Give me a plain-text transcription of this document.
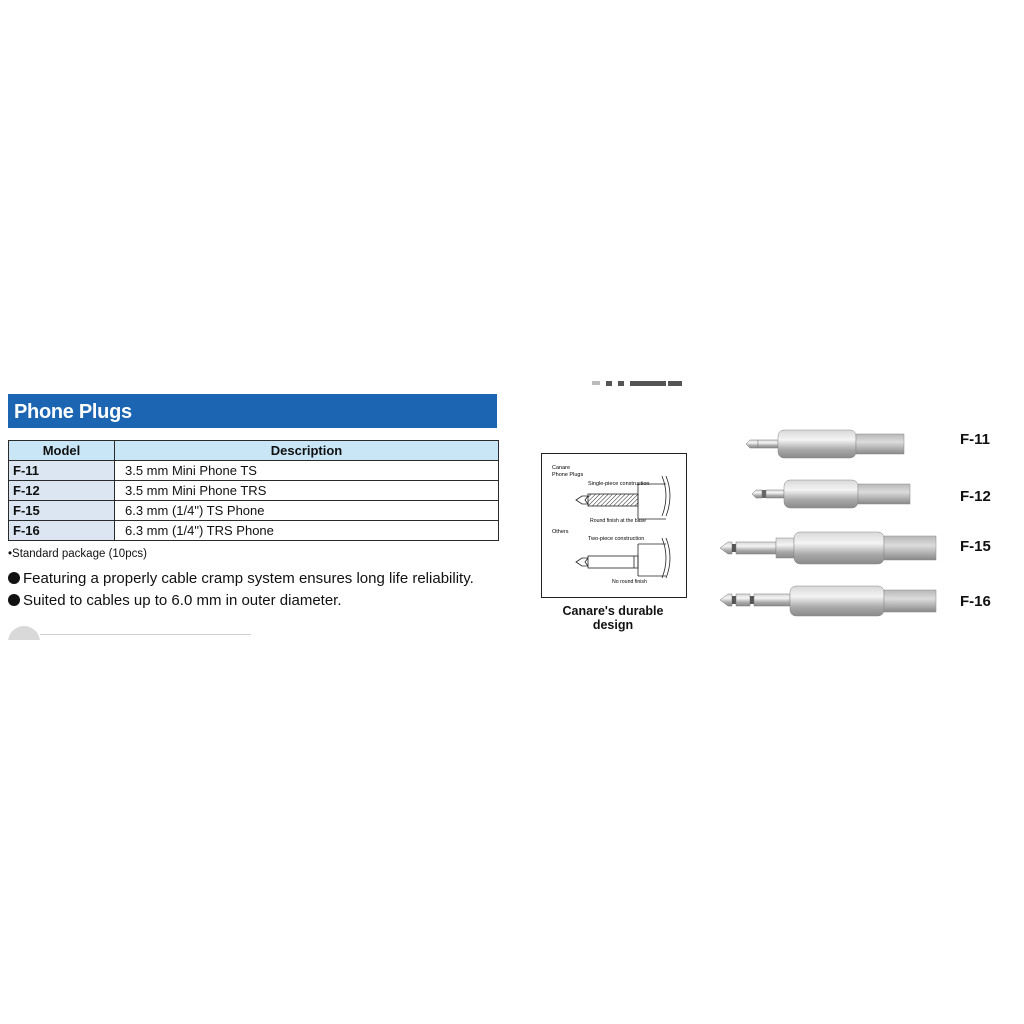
Phone Plugs
Model	Description
F-11	3.5 mm Mini Phone TS
F-12	3.5 mm Mini Phone TRS
F-15	6.3 mm (1/4") TS Phone
F-16	6.3 mm (1/4") TRS Phone
•Standard package (10pcs)
Featuring a properly cable cramp system ensures long life reliability.
Suited to cables up to 6.0 mm in outer diameter.
Canare
Phone Plugs
Single-piece construction
Round finish at the base
Others
Two-piece construction
No round finish
Canare's durable design
F-11
F-12
F-15
F-16
